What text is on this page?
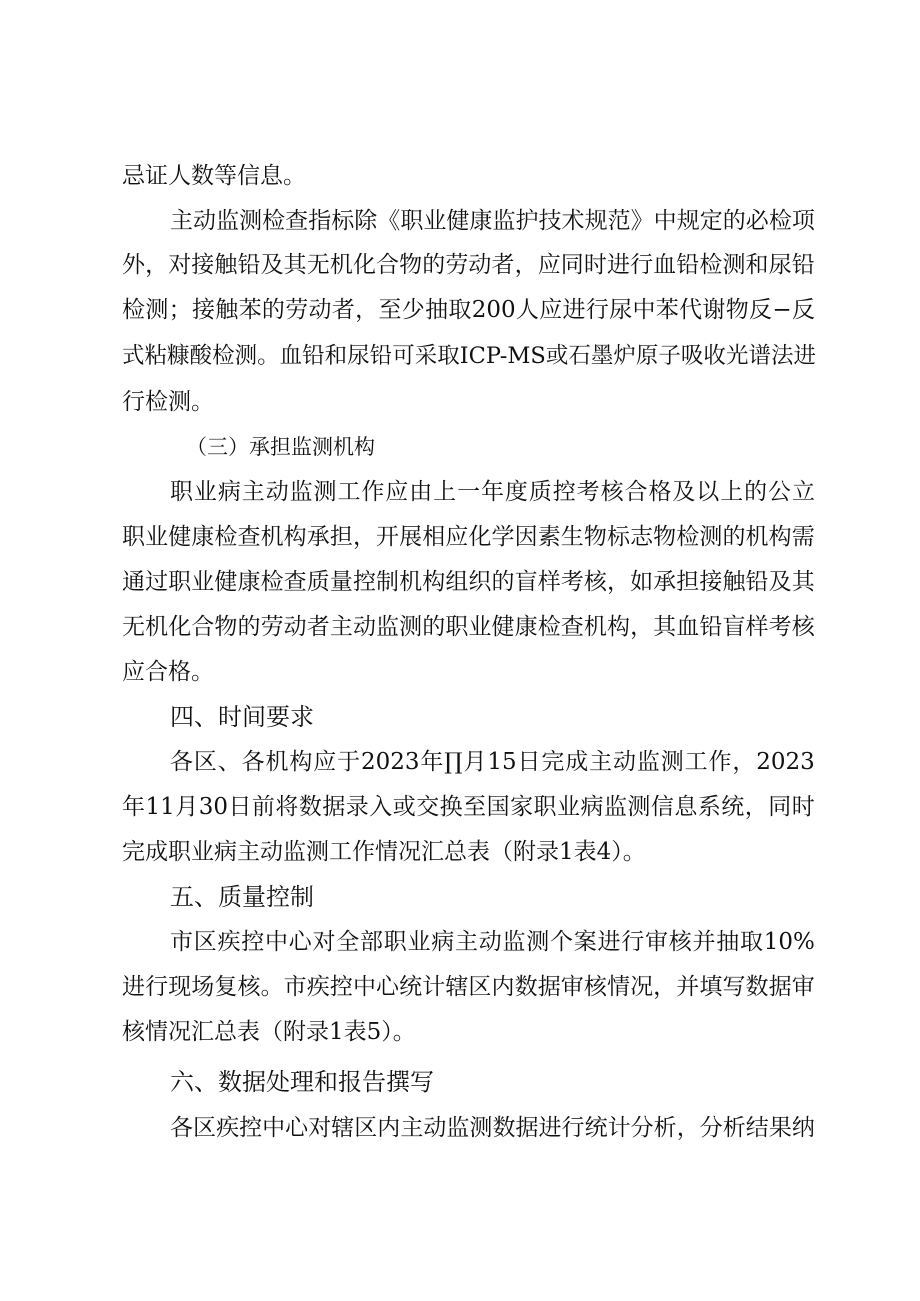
忌证人数等信息。
主 动 监 测 检 查 指 标 除 《 职 业 健 康 监 护 技 术 规 范 》 中 规 定 的 必 检 项
外 ， 对 接 触 铅 及 其 无 机 化 合 物 的 劳 动 者 ， 应 同 时 进 行 血 铅 检 测 和 尿 铅
检 测 ； 接 触 苯 的 劳 动 者 ， 至 少 抽 取 200 人 应 进 行 尿 中 苯 代 谢 物 反 − 反
式 粘 糠 酸 检 测 。 血 铅 和 尿 铅 可 采 取 ICP-MS 或 石 墨 炉 原 子 吸 收 光 谱 法 进
行检测。
（三）承担监测机构
职 业 病 主 动 监 测 工 作 应 由 上 一 年 度 质 控 考 核 合 格 及 以 上 的 公 立
职 业 健 康 检 查 机 构 承 担 ， 开 展 相 应 化 学 因 素 生 物 标 志 物 检 测 的 机 构 需
通 过 职 业 健 康 检 查 质 量 控 制 机 构 组 织 的 盲 样 考 核 ， 如 承 担 接 触 铅 及 其
无 机 化 合 物 的 劳 动 者 主 动 监 测 的 职 业 健 康 检 查 机 构 ， 其 血 铅 盲 样 考 核
应合格。
四、时间要求
各 区 、 各 机 构 应 于 2023 年 ∏ 月 15 日 完 成 主 动 监 测 工 作 ， 2023
年 11 月 30 日 前 将 数 据 录 入 或 交 换 至 国 家 职 业 病 监 测 信 息 系 统 ， 同 时
完成职业病主动监测工作情况汇总表（附录1表4）。
五、质量控制
市 区 疾 控 中 心 对 全 部 职 业 病 主 动 监 测 个 案 进 行 审 核 并 抽 取 10%
进 行 现 场 复 核 。 市 疾 控 中 心 统 计 辖 区 内 数 据 审 核 情 况 ， 并 填 写 数 据 审
核情况汇总表（附录1表5）。
六、数据处理和报告撰写
各 区 疾 控 中 心 对 辖 区 内 主 动 监 测 数 据 进 行 统 计 分 析 ， 分 析 结 果 纳
